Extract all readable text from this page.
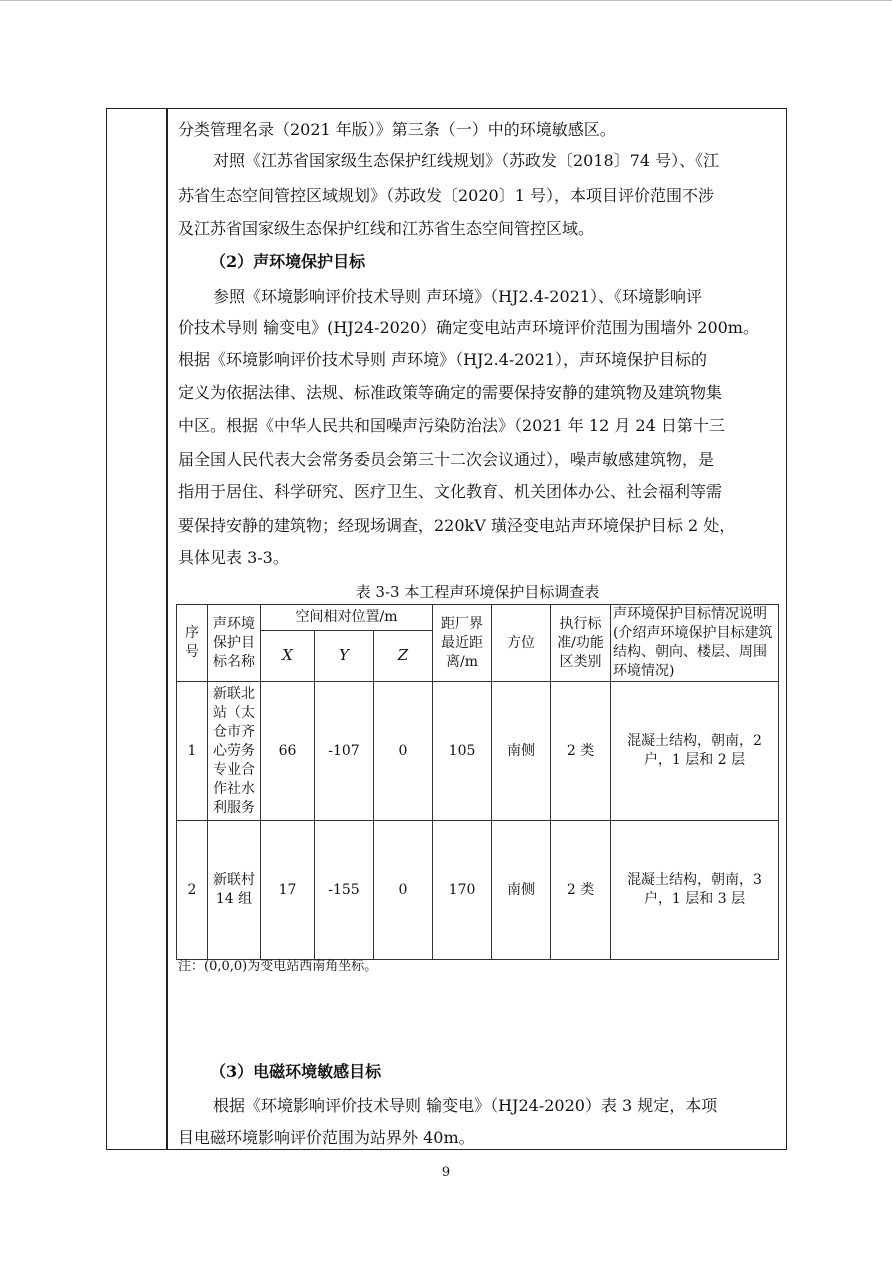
分类管理名录（2021 年版）》第三条（一）中的环境敏感区。
对照《江苏省国家级生态保护红线规划》（苏政发〔2018〕74 号）、《江
苏省生态空间管控区域规划》（苏政发〔2020〕1 号），本项目评价范围不涉
及江苏省国家级生态保护红线和江苏省生态空间管控区域。
（2）声环境保护目标
参照《环境影响评价技术导则 声环境》（HJ2.4-2021）、《环境影响评
价技术导则 输变电》(HJ24-2020）确定变电站声环境评价范围为围墙外 200m。
根据《环境影响评价技术导则 声环境》（HJ2.4-2021），声环境保护目标的
定义为依据法律、法规、标准政策等确定的需要保持安静的建筑物及建筑物集
中区。根据《中华人民共和国噪声污染防治法》（2021 年 12 月 24 日第十三
届全国人民代表大会常务委员会第三十二次会议通过），噪声敏感建筑物，是
指用于居住、科学研究、医疗卫生、文化教育、机关团体办公、社会福利等需
要保持安静的建筑物；经现场调查，220kV 璜泾变电站声环境保护目标 2 处，
具体见表 3-3。
表 3-3 本工程声环境保护目标调查表
序号	声环境保护目标名称	空间相对位置/m			距厂界最近距离/m	方位	执行标准/功能区类别	声环境保护目标情况说明(介绍声环境保护目标建筑结构、朝向、楼层、周围环境情况)
		X	Y	Z				
1	新联北站（太仓市齐心劳务专业合作社水利服务	66	-107	0	105	南侧	2 类	混凝土结构，朝南，2 户，1 层和 2 层
2	新联村 14 组	17	-155	0	170	南侧	2 类	混凝土结构，朝南，3 户，1 层和 3 层
注：(0,0,0)为变电站西南角坐标。
（3）电磁环境敏感目标
根据《环境影响评价技术导则 输变电》（HJ24-2020）表 3 规定，本项
目电磁环境影响评价范围为站界外 40m。
9
